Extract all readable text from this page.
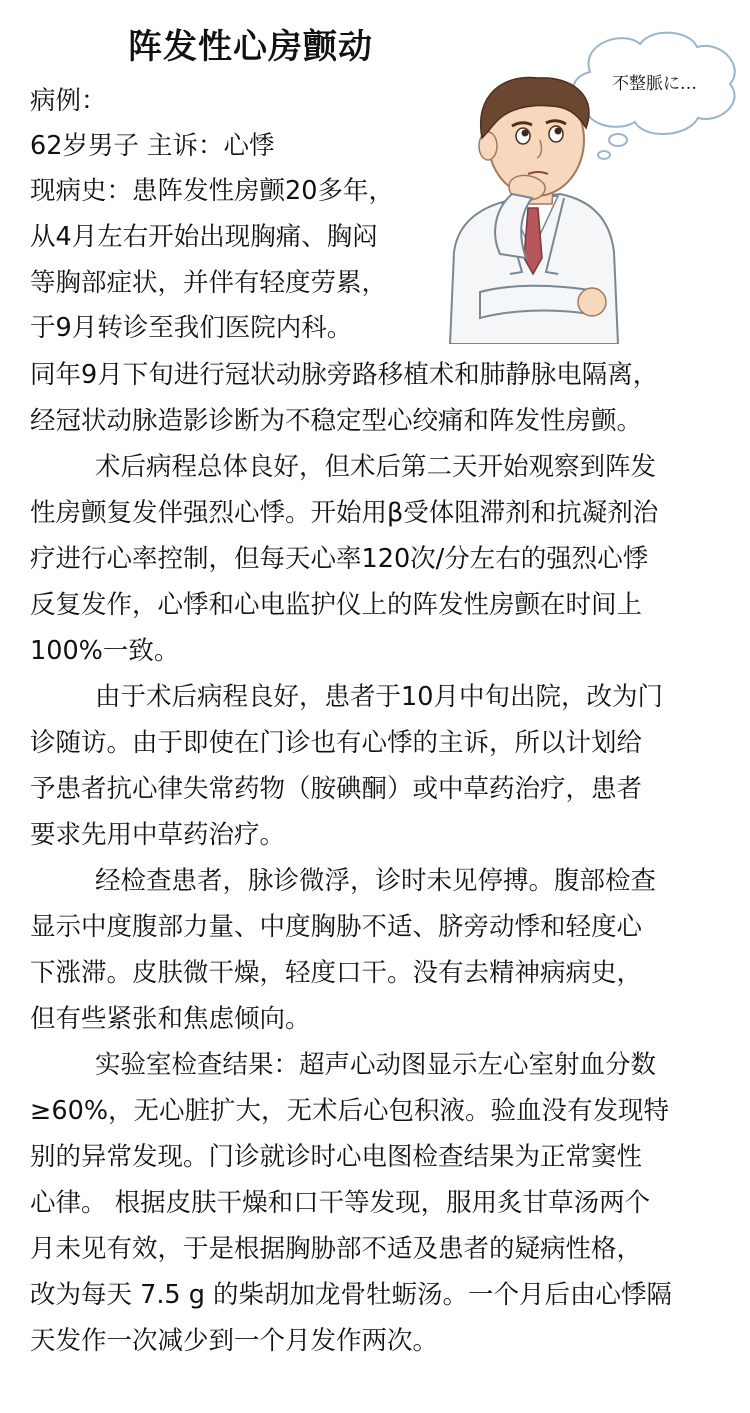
阵发性心房颤动
不整脈に…
病例：
62岁男子 主诉：心悸
现病史：患阵发性房颤20多年，
从4月左右开始出现胸痛、胸闷
等胸部症状，并伴有轻度劳累，
于9月转诊至我们医院内科。
同年9月下旬进行冠状动脉旁路移植术和肺静脉电隔离，
经冠状动脉造影诊断为不稳定型心绞痛和阵发性房颤。
术后病程总体良好，但术后第二天开始观察到阵发
性房颤复发伴强烈心悸。开始用β受体阻滞剂和抗凝剂治
疗进行心率控制，但每天心率120次/分左右的强烈心悸
反复发作，心悸和心电监护仪上的阵发性房颤在时间上
100%一致。
由于术后病程良好，患者于10月中旬出院，改为门
诊随访。由于即使在门诊也有心悸的主诉，所以计划给
予患者抗心律失常药物（胺碘酮）或中草药治疗，患者
要求先用中草药治疗。
经检查患者，脉诊微浮，诊时未见停搏。腹部检查
显示中度腹部力量、中度胸胁不适、脐旁动悸和轻度心
下涨滞。皮肤微干燥，轻度口干。没有去精神病病史，
但有些紧张和焦虑倾向。
实验室检查结果：超声心动图显示左心室射血分数
≥60%，无心脏扩大，无术后心包积液。验血没有发现特
别的异常发现。门诊就诊时心电图检查结果为正常窦性
心律。 根据皮肤干燥和口干等发现，服用炙甘草汤两个
月未见有效，于是根据胸胁部不适及患者的疑病性格，
改为每天 7.5 g 的柴胡加龙骨牡蛎汤。一个月后由心悸隔
天发作一次减少到一个月发作两次。
